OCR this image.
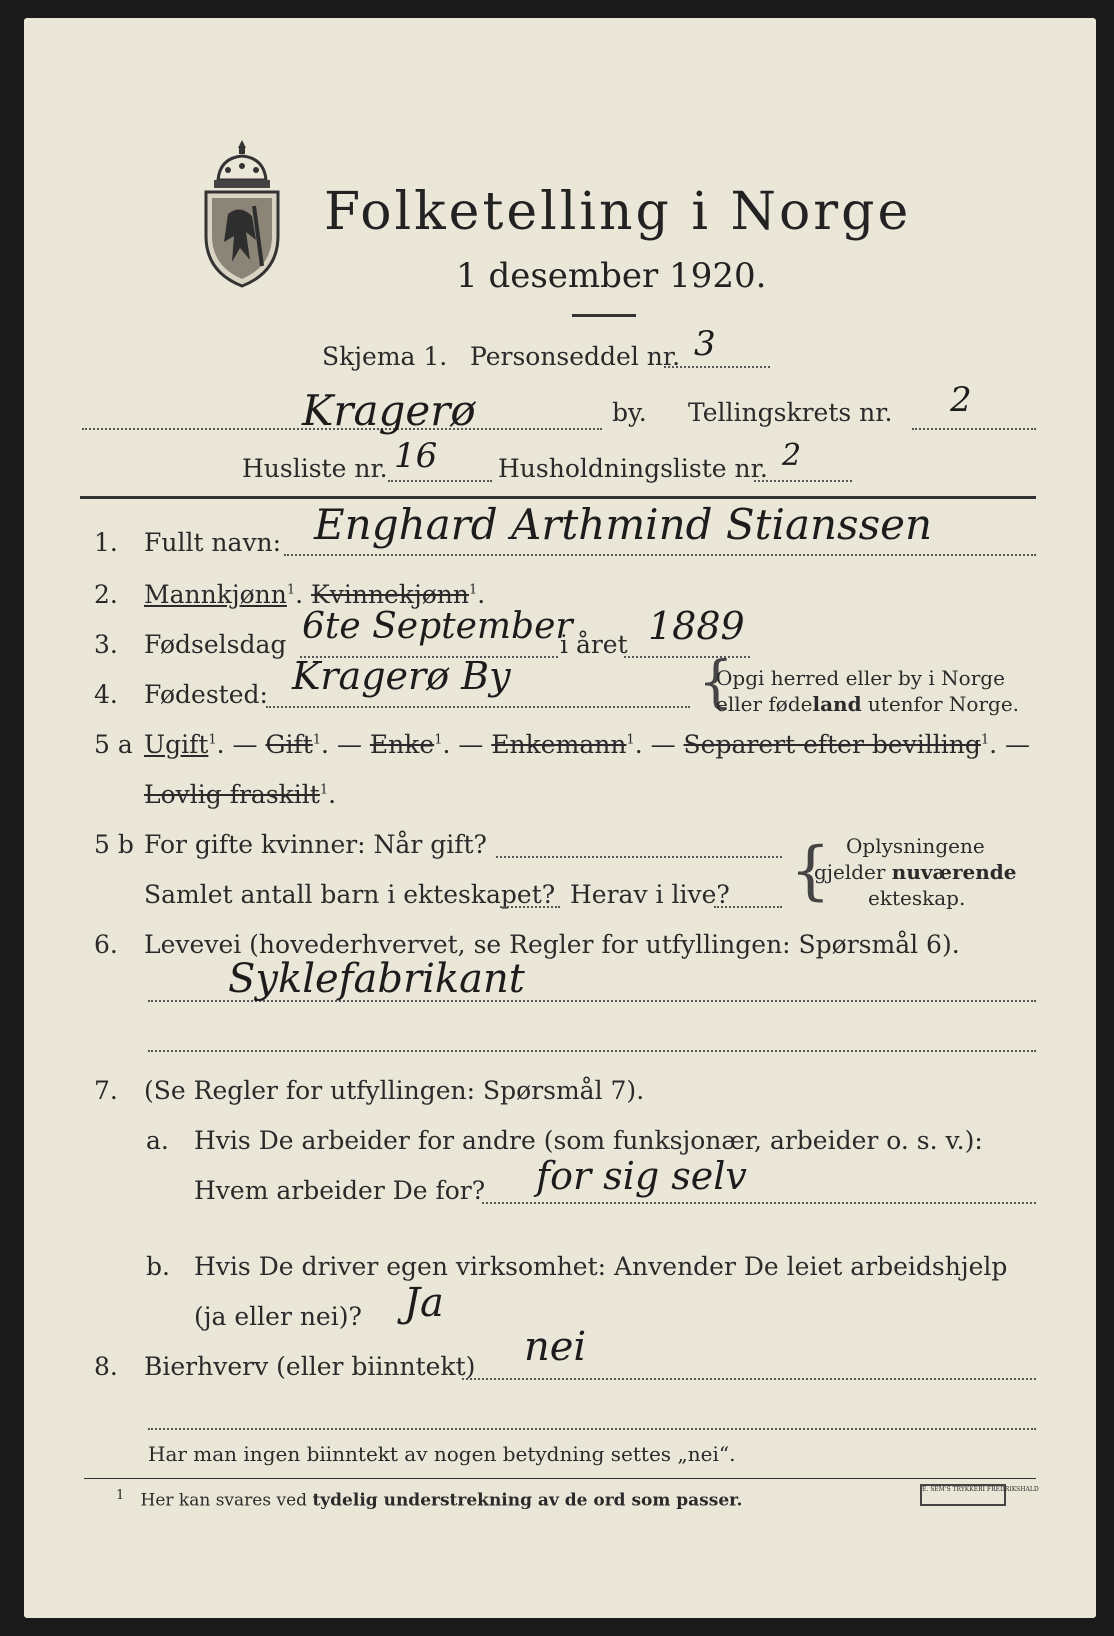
Folketelling i Norge
1 desember 1920.
Skjema 1. Personseddel nr. 3
Kragerø	by. Tellingskrets nr. 2
Husliste nr. 16 Husholdningsliste nr. 2
1. Fullt navn: Enghard Arthmind Stianssen
2. Mannkjønn$^1$. Kvinnekjønn$^1$.
3. Fødselsdag 6te September
i året 1889
4. Fødested: Kragerø By	{
Opgi herred eller by i Norge
eller fødeland utenfor Norge.
5 a Ugift$^1$. — Gift$^1$. — Enke$^1$. — Enkemann$^1$. — Separert efter bevilling$^1$. —
Lovlig fraskilt$^1$.
5 b For gifte kvinner: Når gift?
Samlet antall barn i ekteskapet? Herav i live? { Oplysningene
gjelder nuværende
ekteskap.
6. Levevei (hovederhvervet, se Regler for utfyllingen: Spørsmål 6).
Syklefabrikant
7. (Se Regler for utfyllingen: Spørsmål 7).
a. Hvis De arbeider for andre (som funksjonær, arbeider o. s. v.):
Hvem arbeider De for? for sig selv
b. Hvis De driver egen virksomhet: Anvender De leiet arbeidshjelp
(ja eller nei)? Ja
8. Bierhverv (eller biinntekt) nei
Har man ingen biinntekt av nogen betydning settes „nei“.
$^1$ Her kan svares ved tydelig understrekning av de ord som passer.
E. SEM'S TRYKKERI FREDRIKSHALD
